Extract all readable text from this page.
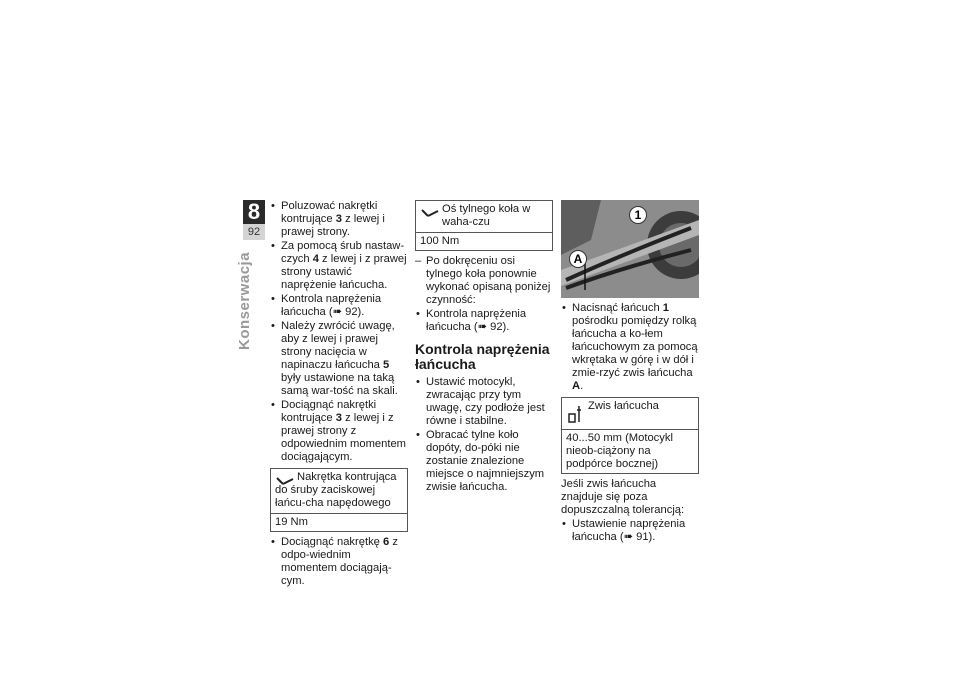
8
92
Konserwacja
• Poluzować nakrętki kontrujące 3 z lewej i prawej strony.
• Za pomocą śrub nastaw-czych 4 z lewej i z prawej strony ustawić naprężenie łańcucha.
• Kontrola naprężenia łańcucha (➠ 92).
• Należy zwrócić uwagę, aby z lewej i prawej strony nacięcia w napinaczu łańcucha 5 były ustawione na taką samą war-tość na skali.
• Dociągnąć nakrętki kontrujące 3 z lewej i z prawej strony z odpowiednim momentem dociągającym.
Nakrętka kontrująca do śruby zaciskowej łańcu-cha napędowego
19 Nm
• Dociągnąć nakrętkę 6 z odpo-wiednim momentem dociągają-cym.
Oś tylnego koła w waha-czu
100 Nm
– Po dokręceniu osi tylnego koła ponownie wykonać opisaną poniżej czynność:
• Kontrola naprężenia łańcucha (➠ 92).
Kontrola naprężenia łańcucha
• Ustawić motocykl, zwracając przy tym uwagę, czy podłoże jest równe i stabilne.
• Obracać tylne koło dopóty, do-póki nie zostanie znalezione miejsce o najmniejszym zwisie łańcucha.
1
A
• Nacisnąć łańcuch 1 pośrodku pomiędzy rolką łańcucha a ko-łem łańcuchowym za pomocą wkrętaka w górę i w dół i zmie-rzyć zwis łańcucha A.
Zwis łańcucha
40...50 mm (Motocykl nieob-ciążony na podpórce bocznej)
Jeśli zwis łańcucha znajduje się poza dopuszczalną tolerancją:
• Ustawienie naprężenia łańcucha (➠ 91).
